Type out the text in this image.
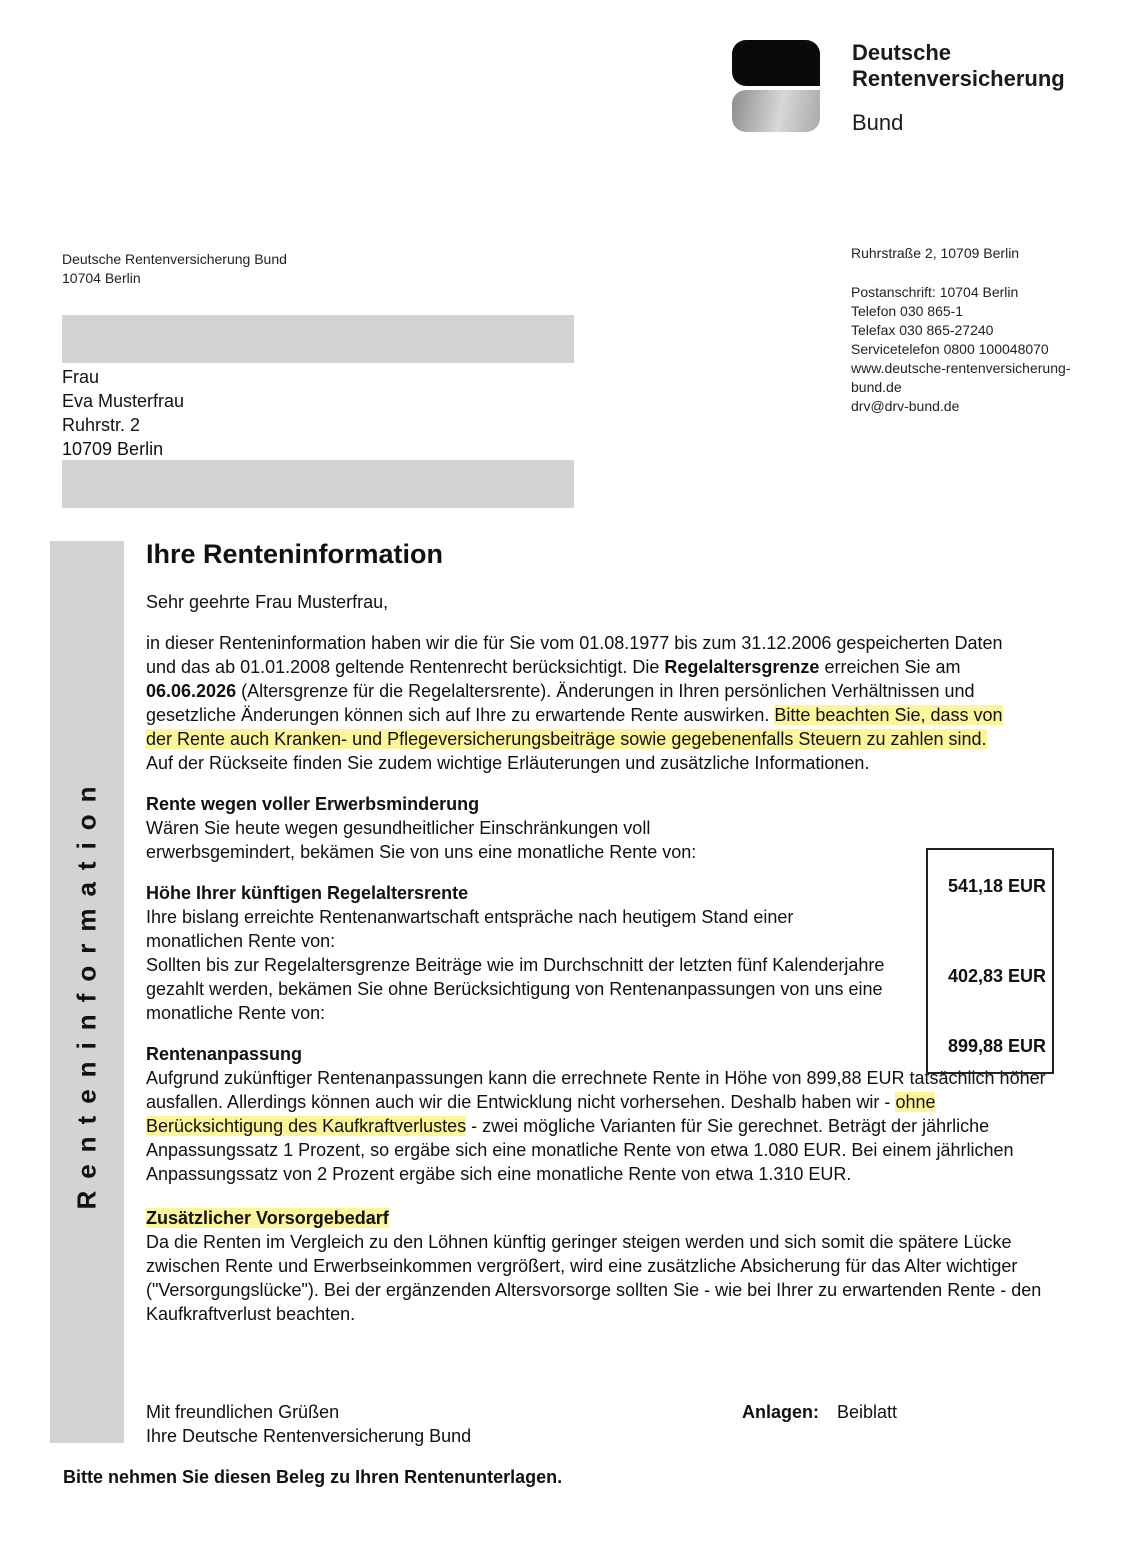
Deutsche
Rentenversicherung
Bund
Deutsche Rentenversicherung Bund
10704 Berlin
Ruhrstraße 2, 10709 Berlin
Postanschrift: 10704 Berlin
Telefon 030 865-1
Telefax 030 865-27240
Servicetelefon 0800 100048070
www.deutsche-rentenversicherung-
bund.de
drv@drv-bund.de
Frau
Eva Musterfrau
Ruhrstr. 2
10709 Berlin
Renteninformation
Ihre Renteninformation

Sehr geehrte Frau Musterfrau,

in dieser Renteninformation haben wir die für Sie vom 01.08.1977 bis zum 31.12.2006 gespeicherten Daten und das ab 01.01.2008 geltende Rentenrecht berücksichtigt. Die Regelaltersgrenze erreichen Sie am 06.06.2026 (Altersgrenze für die Regelaltersrente). Änderungen in Ihren persönlichen Verhältnissen und gesetzliche Änderungen können sich auf Ihre zu erwartende Rente auswirken. Bitte beachten Sie, dass von der Rente auch Kranken- und Pflegeversicherungsbeiträge sowie gegebenenfalls Steuern zu zahlen sind. Auf der Rückseite finden Sie zudem wichtige Erläuterungen und zusätzliche Informationen.

Rente wegen voller Erwerbsminderung

Wären Sie heute wegen gesundheitlicher Einschränkungen voll erwerbsgemindert, bekämen Sie von uns eine monatliche Rente von:

Höhe Ihrer künftigen Regelaltersrente

Ihre bislang erreichte Rentenanwartschaft entspräche nach heutigem Stand einer monatlichen Rente von:

Sollten bis zur Regelaltersgrenze Beiträge wie im Durchschnitt der letzten fünf Kalenderjahre gezahlt werden, bekämen Sie ohne Berücksichtigung von Rentenanpassungen von uns eine monatliche Rente von:

Rentenanpassung

Aufgrund zukünftiger Rentenanpassungen kann die errechnete Rente in Höhe von 899,88 EUR tatsächlich höher ausfallen. Allerdings können auch wir die Entwicklung nicht vorhersehen. Deshalb haben wir - ohne Berücksichtigung des Kaufkraftverlustes - zwei mögliche Varianten für Sie gerechnet. Beträgt der jährliche Anpassungssatz 1 Prozent, so ergäbe sich eine monatliche Rente von etwa 1.080 EUR. Bei einem jährlichen Anpassungssatz von 2 Prozent ergäbe sich eine monatliche Rente von etwa 1.310 EUR.

Zusätzlicher Vorsorgebedarf

Da die Renten im Vergleich zu den Löhnen künftig geringer steigen werden und sich somit die spätere Lücke zwischen Rente und Erwerbseinkommen vergrößert, wird eine zusätzliche Absicherung für das Alter wichtiger ("Versorgungslücke"). Bei der ergänzenden Altersvorsorge sollten Sie - wie bei Ihrer zu erwartenden Rente - den Kaufkraftverlust beachten.

541,18 EUR
402,83 EUR
899,88 EUR
Mit freundlichen Grüßen
Ihre Deutsche Rentenversicherung Bund
Anlagen: Beiblatt
Bitte nehmen Sie diesen Beleg zu Ihren Rentenunterlagen.
